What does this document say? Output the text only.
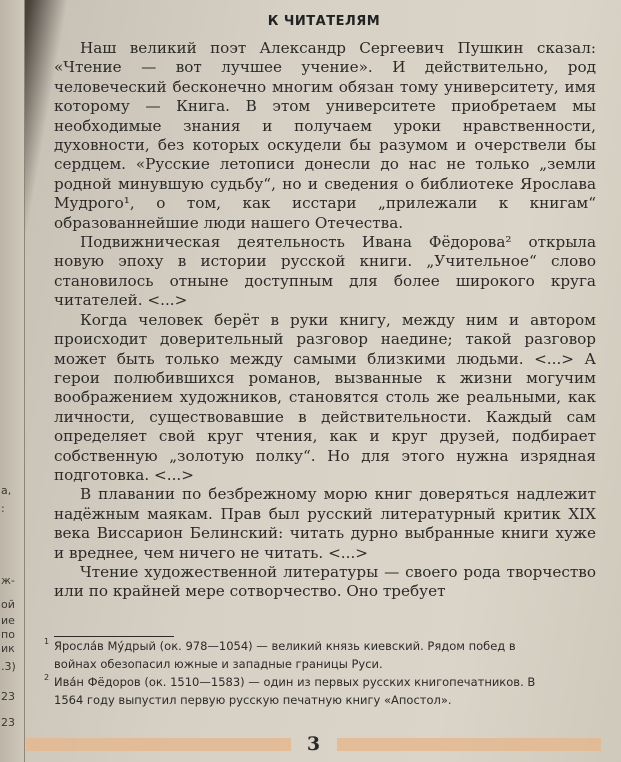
а,
:
ж-
ой
ие
по
ик
.3)
23
23
К ЧИТАТЕЛЯМ

Наш великий поэт Александр Сергеевич Пушкин сказал: «Чтение — вот лучшее учение». И действительно, род человеческий бесконечно многим обязан тому университету, имя которому — Книга. В этом университете приобретаем мы необходимые знания и получаем уроки нравственности, духовности, без которых оскудели бы разумом и очерствели бы сердцем. «Русские летописи донесли до нас не только „земли родной минувшую судьбу“, но и сведения о библиотеке Ярослава Мудрого¹, о том, как исстари „прилежали к книгам“ образованнейшие люди нашего Отечества.

Подвижническая деятельность Ивана Фёдорова² открыла новую эпоху в истории русской книги. „Учительное“ слово становилось отныне доступным для более широкого круга читателей. <...>

Когда человек берёт в руки книгу, между ним и автором происходит доверительный разговор наедине; такой разговор может быть только между самыми близкими людьми. <...> А герои полюбившихся романов, вызванные к жизни могучим воображением художников, становятся столь же реальными, как личности, существовавшие в действительности. Каждый сам определяет свой круг чтения, как и круг друзей, подбирает собственную „золотую полку“. Но для этого нужна изрядная подготовка. <...>

В плавании по безбрежному морю книг доверяться надлежит надёжным маякам. Прав был русский литературный критик XIX века Виссарион Белинский: читать дурно выбранные книги хуже и вреднее, чем ничего не читать. <...>

Чтение художественной литературы — своего рода творчество или по крайней мере сотворчество. Оно требует

1 Яросла́в Му́дрый (ок. 978—1054) — великий князь киевский. Рядом побед в войнах обезопасил южные и западные границы Руси.
2 Ива́н Фёдоров (ок. 1510—1583) — один из первых русских книгопечатников. В 1564 году выпустил первую русскую печатную книгу «Апостол».
3
